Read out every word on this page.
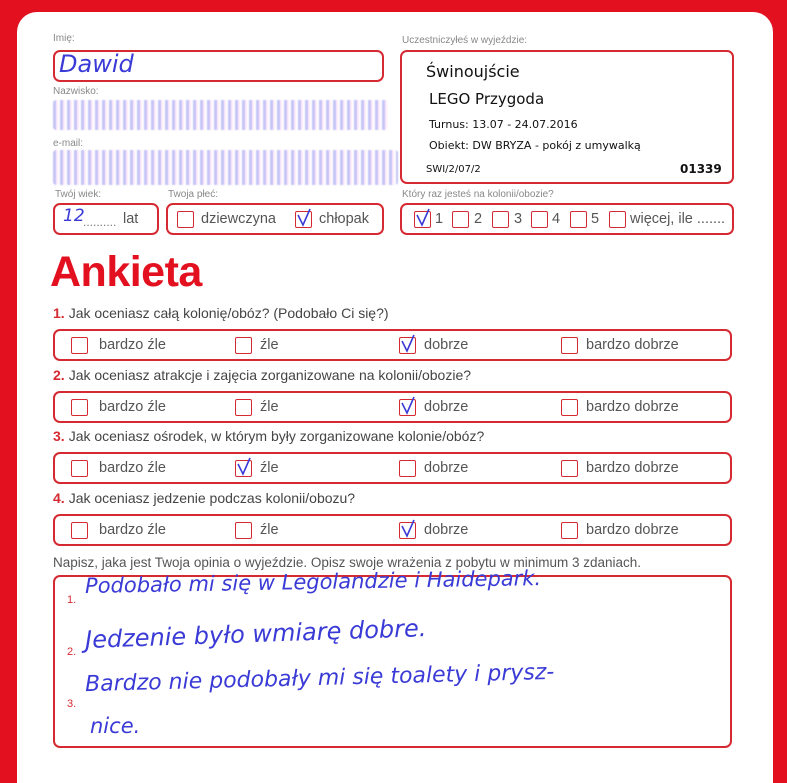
Imię:
Dawid
Nazwisko:
e-mail:
Twój wiek:
12
.......... lat
Twoja płeć:
dziewczyna	chłopak
Uczestniczyłeś w wyjeździe:
Świnoujście
LEGO Przygoda
Turnus: 13.07 - 24.07.2016
Obiekt: DW BRYZA - pokój z umywalką
SWI/2/07/2	01339
Który raz jesteś na kolonii/obozie?
1 2 3 4 5 więcej, ile .......
Ankieta
1. Jak oceniasz całą kolonię/obóz? (Podobało Ci się?)
bardzo źle	źle	dobrze	bardzo dobrze
2. Jak oceniasz atrakcje i zajęcia zorganizowane na kolonii/obozie?
bardzo źle	źle	dobrze	bardzo dobrze
3. Jak oceniasz ośrodek, w którym były zorganizowane kolonie/obóz?
bardzo źle	źle	dobrze	bardzo dobrze
4. Jak oceniasz jedzenie podczas kolonii/obozu?
bardzo źle	źle	dobrze	bardzo dobrze
Napisz, jaka jest Twoja opinia o wyjeździe. Opisz swoje wrażenia z pobytu w minimum 3 zdaniach.
1.
Podobało mi się w Legolandzie i Haidepark.
2. Jedzenie było wmiarę dobre.
3.
Bardzo nie podobały mi się toalety i prysz-
nice.
